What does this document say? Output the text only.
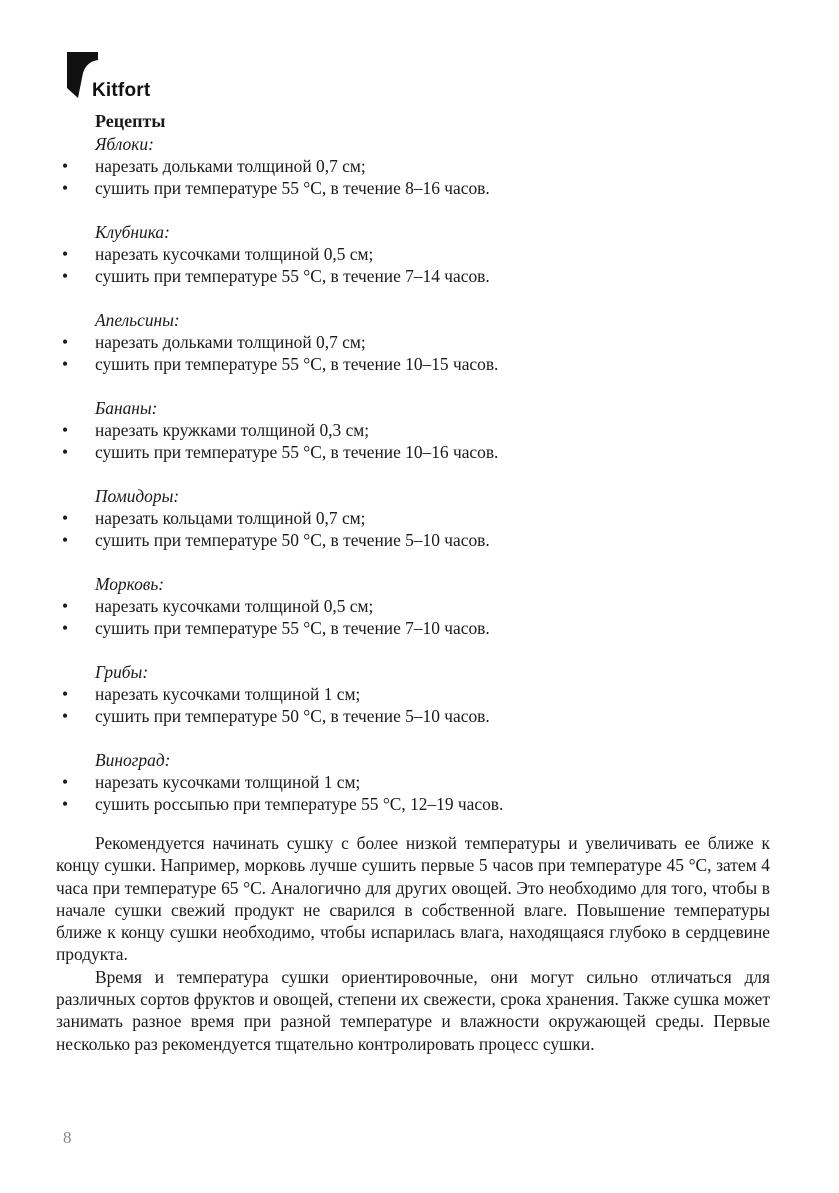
Kitfort
Рецепты
Яблоки:
• нарезать дольками толщиной 0,7 см;
• сушить при температуре 55 °С, в течение 8–16 часов.
Клубника:
• нарезать кусочками толщиной 0,5 см;
• сушить при температуре 55 °С, в течение 7–14 часов.
Апельсины:
• нарезать дольками толщиной 0,7 см;
• сушить при температуре 55 °С, в течение 10–15 часов.
Бананы:
• нарезать кружками толщиной 0,3 см;
• сушить при температуре 55 °С, в течение 10–16 часов.
Помидоры:
• нарезать кольцами толщиной 0,7 см;
• сушить при температуре 50 °С, в течение 5–10 часов.
Морковь:
• нарезать кусочками толщиной 0,5 см;
• сушить при температуре 55 °С, в течение 7–10 часов.
Грибы:
• нарезать кусочками толщиной 1 см;
• сушить при температуре 50 °С, в течение 5–10 часов.
Виноград:
• нарезать кусочками толщиной 1 см;
• сушить россыпью при температуре 55 °С, 12–19 часов.

Рекомендуется начинать сушку с более низкой температуры и увеличивать ее ближе к концу сушки. Например, морковь лучше сушить первые 5 часов при температуре 45 °С, затем 4 часа при температуре 65 °С. Аналогично для других овощей. Это необходимо для того, чтобы в начале сушки свежий продукт не сварился в собственной влаге. Повышение температуры ближе к концу сушки необходимо, чтобы испарилась влага, находящаяся глубоко в сердцевине продукта.

Время и температура сушки ориентировочные, они могут сильно отличаться для различных сортов фруктов и овощей, степени их свежести, срока хранения. Также сушка может занимать разное время при разной температуре и влажности окружающей среды. Первые несколько раз рекомендуется тщательно контролировать процесс сушки.

8
